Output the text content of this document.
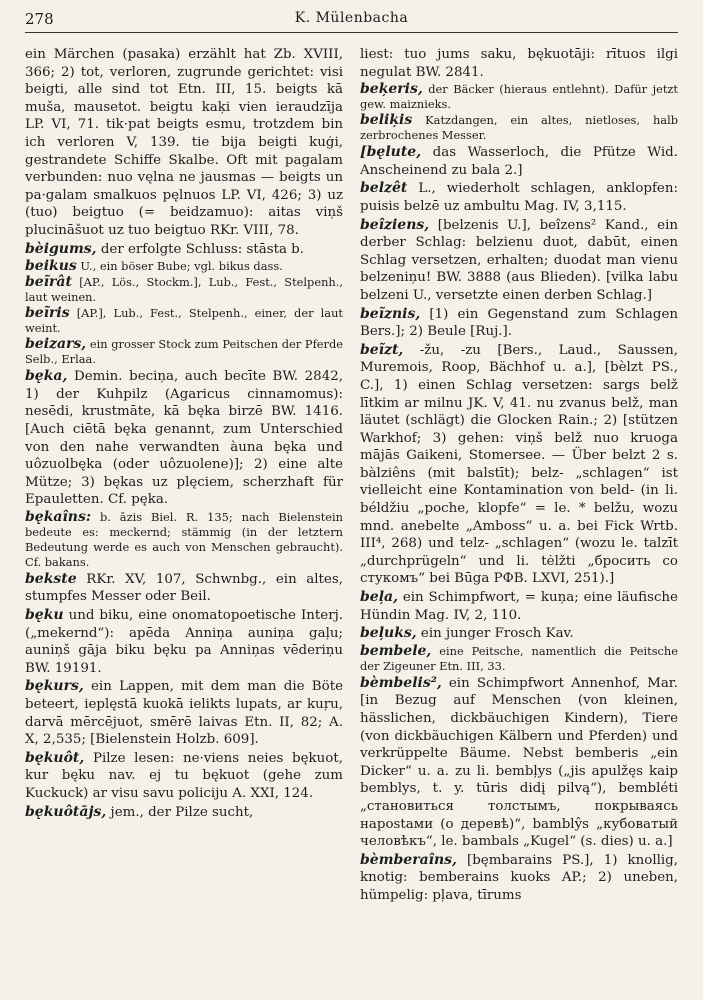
278	K. Mülenbacha
ein Märchen (pasaka) erzählt hat Zb. XVIII, 366; 2) tot, verloren, zugrunde gerichtet: visi beigti, alle sind tot Etn. III, 15. beigts kā muša, mausetot. beigtu kaķi vien ieraudzīja LP. VI, 71. tik·pat beigts esmu, trotzdem bin ich verloren V, 139. tie bija beigti kuģi, gestrandete Schiffe Skalbe. Oft mit pagalam verbunden: nuo vęlna ne jausmas — beigts un pa·galam smalkuos pęlnuos LP. VI, 426; 3) uz (tuo) beigtuo (= beidzamuo): aitas viņš plucināšuot uz tuo beigtuo RKr. VIII, 78.
bèigums, der erfolgte Schluss: stāsta b.
beikus U., ein böser Bube; vgl. bikus dass.
beĩrât [AP., Lös., Stockm.], Lub., Fest., Stelpenh., laut weinen.
beĩris [AP.], Lub., Fest., Stelpenh., einer, der laut weint.
beizars, ein grosser Stock zum Peitschen der Pferde Selb., Erlaa.
bęka, Demin. beciņa, auch becīte BW. 2842, 1) der Kuhpilz (Agaricus cinnamomus): nesēdi, krustmāte, kā bęka birzē BW. 1416. [Auch ciētā bęka genannt, zum Unterschied von den nahe verwandten àuna bęka und uôzuolbęka (oder uôzuolene)]; 2) eine alte Mütze; 3) bękas uz plęciem, scherzhaft für Epauletten. Cf. pęka.
bękaîns: b. āzis Biel. R. 135; nach Bielenstein bedeute es: meckernd; stämmig (in der letztern Bedeutung werde es auch von Menschen gebraucht). Cf. bakans.
bekste RKr. XV, 107, Schwnbg., ein altes, stumpfes Messer oder Beil.
bęku und biku, eine onomatopoetische Interj. („mekernd“): apēda Anniņa auniņa gaļu; auniņš gāja biku bęku pa Anniņas vēderiņu BW. 19191.
bękurs, ein Lappen, mit dem man die Böte beteert, ieplęstā kuokā ielikts lupats, ar kuŗu, darvā mērcējuot, smērē laivas Etn. II, 82; A. X, 2,535; [Bielenstein Holzb. 609].
bękuôt, Pilze lesen: ne·viens neies bękuot, kur bęku nav. ej tu bękuot (gehe zum Kuckuck) ar visu savu policiju A. XXI, 124.
bękuôtājs, jem., der Pilze sucht,
liest: tuo jums saku, bękuotāji: rītuos ilgi negulat BW. 2841.
beķeris, der Bäcker (hieraus entlehnt). Dafür jetzt gew. maiznieks.
beliķis Katzdangen, ein altes, nietloses, halb zerbrochenes Messer.
[bęlute, das Wasserloch, die Pfütze Wid. Anscheinend zu bala 2.]
belzêt L., wiederholt schlagen, anklopfen: puisis belzē uz ambultu Mag. IV, 3,115.
beîziens, [belzenis U.], beîzens² Kand., ein derber Schlag: belzienu duot, dabūt, einen Schlag versetzen, erhalten; duodat man vienu belzeniņu! BW. 3888 (aus Blieden). [vilka labu belzeni U., versetzte einen derben Schlag.]
beĩznis, [1) ein Gegenstand zum Schlagen Bers.]; 2) Beule [Ruj.].
beĩzt, -žu, -zu [Bers., Laud., Saussen, Muremois, Roop, Bächhof u. a.], [bèlzt PS., C.], 1) einen Schlag versetzen: sargs belž lītkim ar milnu JK. V, 41. nu zvanus belž, man läutet (schlägt) die Glocken Rain.; 2) [stützen Warkhof; 3) gehen: viņš belž nuo kruoga mājās Gaikeni, Stomersee. — Über belzt 2 s. bàlziêns (mit balstīt); belz- „schlagen“ ist vielleicht eine Kontamination von beld- (in li. béldžiu „poche, klopfe“ = le. * belžu, wozu mnd. anebelte „Amboss“ u. a. bei Fick Wrtb. III⁴, 268) und telz- „schlagen“ (wozu le. talzīt „durchprügeln“ und li. tėlžti „бросить со стукомъ“ bei Būga РФВ. LXVI, 251).]
beļa, ein Schimpfwort, = kuņa; eine läufische Hündin Mag. IV, 2, 110.
beļuks, ein junger Frosch Kav.
bembele, eine Peitsche, namentlich die Peitsche der Zigeuner Etn. III, 33.
bèmbelis², ein Schimpfwort Annenhof, Mar. [in Bezug auf Menschen (von kleinen, hässlichen, dickbäuchigen Kindern), Tiere (von dickbäuchigen Kälbern und Pferden) und verkrüppelte Bäume. Nebst bemberis „ein Dicker“ u. a. zu li. bembļys („jis apulžęs kaip bemblys, t. y. tūris didį pilvą“), bembléti „становиться толстымъ, покрываясь нарostами (о деревѣ)“, bamblŷs „кубоватый человѣкъ“, le. bambals „Kugel“ (s. dies) u. a.]
bèmberaîns, [bęmbarains PS.], 1) knollig, knotig: bemberains kuoks AP.; 2) uneben, hümpelig: pļava, tīrums
